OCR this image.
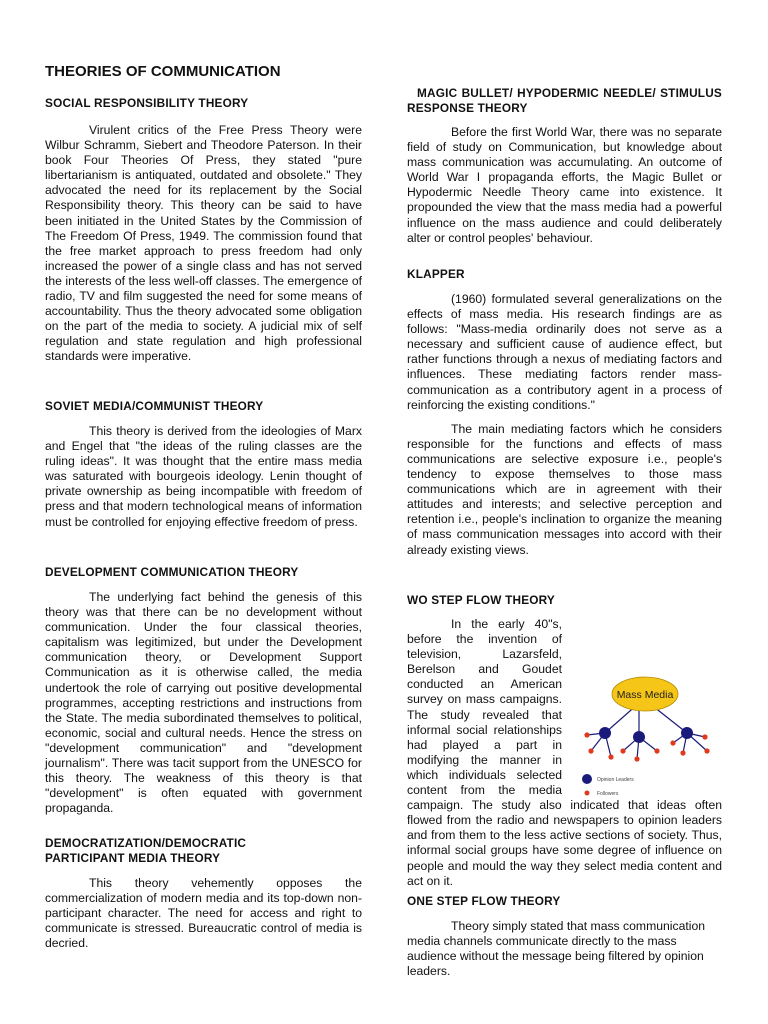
THEORIES OF COMMUNICATION
SOCIAL RESPONSIBILITY THEORY

Virulent critics of the Free Press Theory were Wilbur Schramm, Siebert and Theodore Paterson. In their book Four Theories Of Press, they stated "pure libertarianism is antiquated, outdated and obsolete." They advocated the need for its replacement by the Social Responsibility theory. This theory can be said to have been initiated in the United States by the Commission of The Freedom Of Press, 1949. The commission found that the free market approach to press freedom had only increased the power of a single class and has not served the interests of the less well-off classes. The emergence of radio, TV and film suggested the need for some means of accountability. Thus the theory advocated some obligation on the part of the media to society. A judicial mix of self regulation and state regulation and high professional standards were imperative.

SOVIET MEDIA/COMMUNIST THEORY

This theory is derived from the ideologies of Marx and Engel that "the ideas of the ruling classes are the ruling ideas". It was thought that the entire mass media was saturated with bourgeois ideology. Lenin thought of private ownership as being incompatible with freedom of press and that modern technological means of information must be controlled for enjoying effective freedom of press.

DEVELOPMENT COMMUNICATION THEORY

The underlying fact behind the genesis of this theory was that there can be no development without communication. Under the four classical theories, capitalism was legitimized, but under the Development communication theory, or Development Support Communication as it is otherwise called, the media undertook the role of carrying out positive developmental programmes, accepting restrictions and instructions from the State. The media subordinated themselves to political, economic, social and cultural needs. Hence the stress on "development communication" and "development journalism". There was tacit support from the UNESCO for this theory. The weakness of this theory is that "development" is often equated with government propaganda.

DEMOCRATIZATION/DEMOCRATIC PARTICIPANT MEDIA THEORY

This theory vehemently opposes the commercialization of modern media and its top-down non-participant character. The need for access and right to communicate is stressed. Bureaucratic control of media is decried.

MAGIC BULLET/ HYPODERMIC NEEDLE/ STIMULUS RESPONSE THEORY

Before the first World War, there was no separate field of study on Communication, but knowledge about mass communication was accumulating. An outcome of World War I propaganda efforts, the Magic Bullet or Hypodermic Needle Theory came into existence. It propounded the view that the mass media had a powerful influence on the mass audience and could deliberately alter or control peoples' behaviour.

KLAPPER

(1960) formulated several generalizations on the effects of mass media. His research findings are as follows: "Mass-media ordinarily does not serve as a necessary and sufficient cause of audience effect, but rather functions through a nexus of mediating factors and influences. These mediating factors render mass-communication as a contributory agent in a process of reinforcing the existing conditions."

The main mediating factors which he considers responsible for the functions and effects of mass communications are selective exposure i.e., people's tendency to expose themselves to those mass communications which are in agreement with their attitudes and interests; and selective perception and retention i.e., people's inclination to organize the meaning of mass communication messages into accord with their already existing views.

WO STEP FLOW THEORY

In the early 40"s, before the invention of television, Lazarsfeld, Berelson and Goudet conducted an American survey on mass campaigns. The study revealed that informal social relationships had played a part in modifying the manner in which individuals selected content from the media campaign. The study also indicated that ideas often flowed from the radio and newspapers to opinion leaders and from them to the less active sections of society. Thus, informal social groups have some degree of influence on people and mould the way they select media content and act on it.

Mass Media
Opinion Leaders
Followers
ONE STEP FLOW THEORY

Theory simply stated that mass communication media channels communicate directly to the mass audience without the message being filtered by opinion leaders.
